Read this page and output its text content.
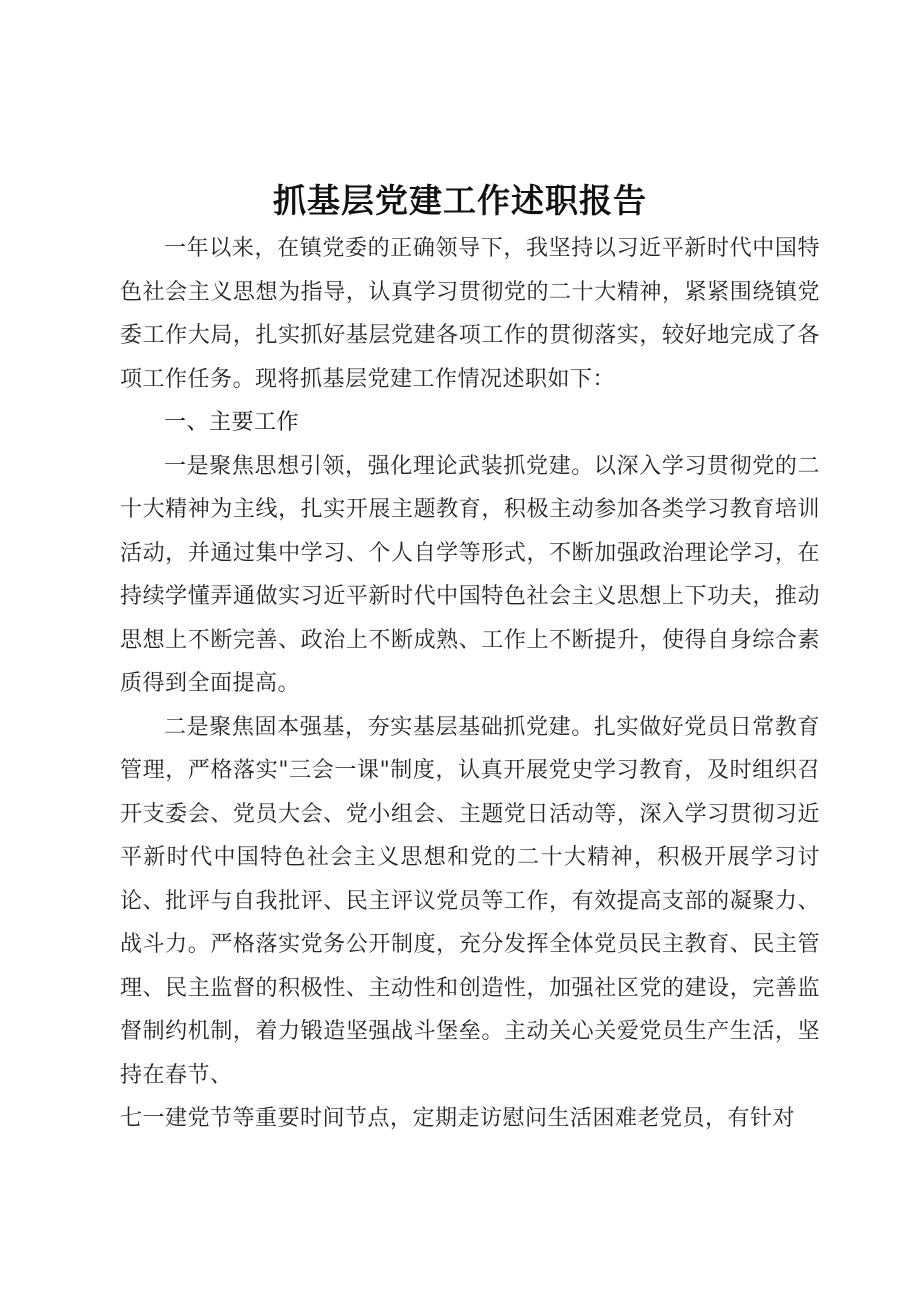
抓基层党建工作述职报告

一年以来，在镇党委的正确领导下，我坚持以习近平新时代中国特色社会主义思想为指导，认真学习贯彻党的二十大精神，紧紧围绕镇党委工作大局，扎实抓好基层党建各项工作的贯彻落实，较好地完成了各项工作任务。现将抓基层党建工作情况述职如下：

一、主要工作

一是聚焦思想引领，强化理论武装抓党建。以深入学习贯彻党的二十大精神为主线，扎实开展主题教育，积极主动参加各类学习教育培训活动，并通过集中学习、个人自学等形式，不断加强政治理论学习，在持续学懂弄通做实习近平新时代中国特色社会主义思想上下功夫，推动思想上不断完善、政治上不断成熟、工作上不断提升，使得自身综合素质得到全面提高。

二是聚焦固本强基，夯实基层基础抓党建。扎实做好党员日常教育管理，严格落实"三会一课"制度，认真开展党史学习教育，及时组织召开支委会、党员大会、党小组会、主题党日活动等，深入学习贯彻习近平新时代中国特色社会主义思想和党的二十大精神，积极开展学习讨论、批评与自我批评、民主评议党员等工作，有效提高支部的凝聚力、战斗力。严格落实党务公开制度，充分发挥全体党员民主教育、民主管理、民主监督的积极性、主动性和创造性，加强社区党的建设，完善监督制约机制，着力锻造坚强战斗堡垒。主动关心关爱党员生产生活，坚持在春节、

七一建党节等重要时间节点，定期走访慰问生活困难老党员，有针对
